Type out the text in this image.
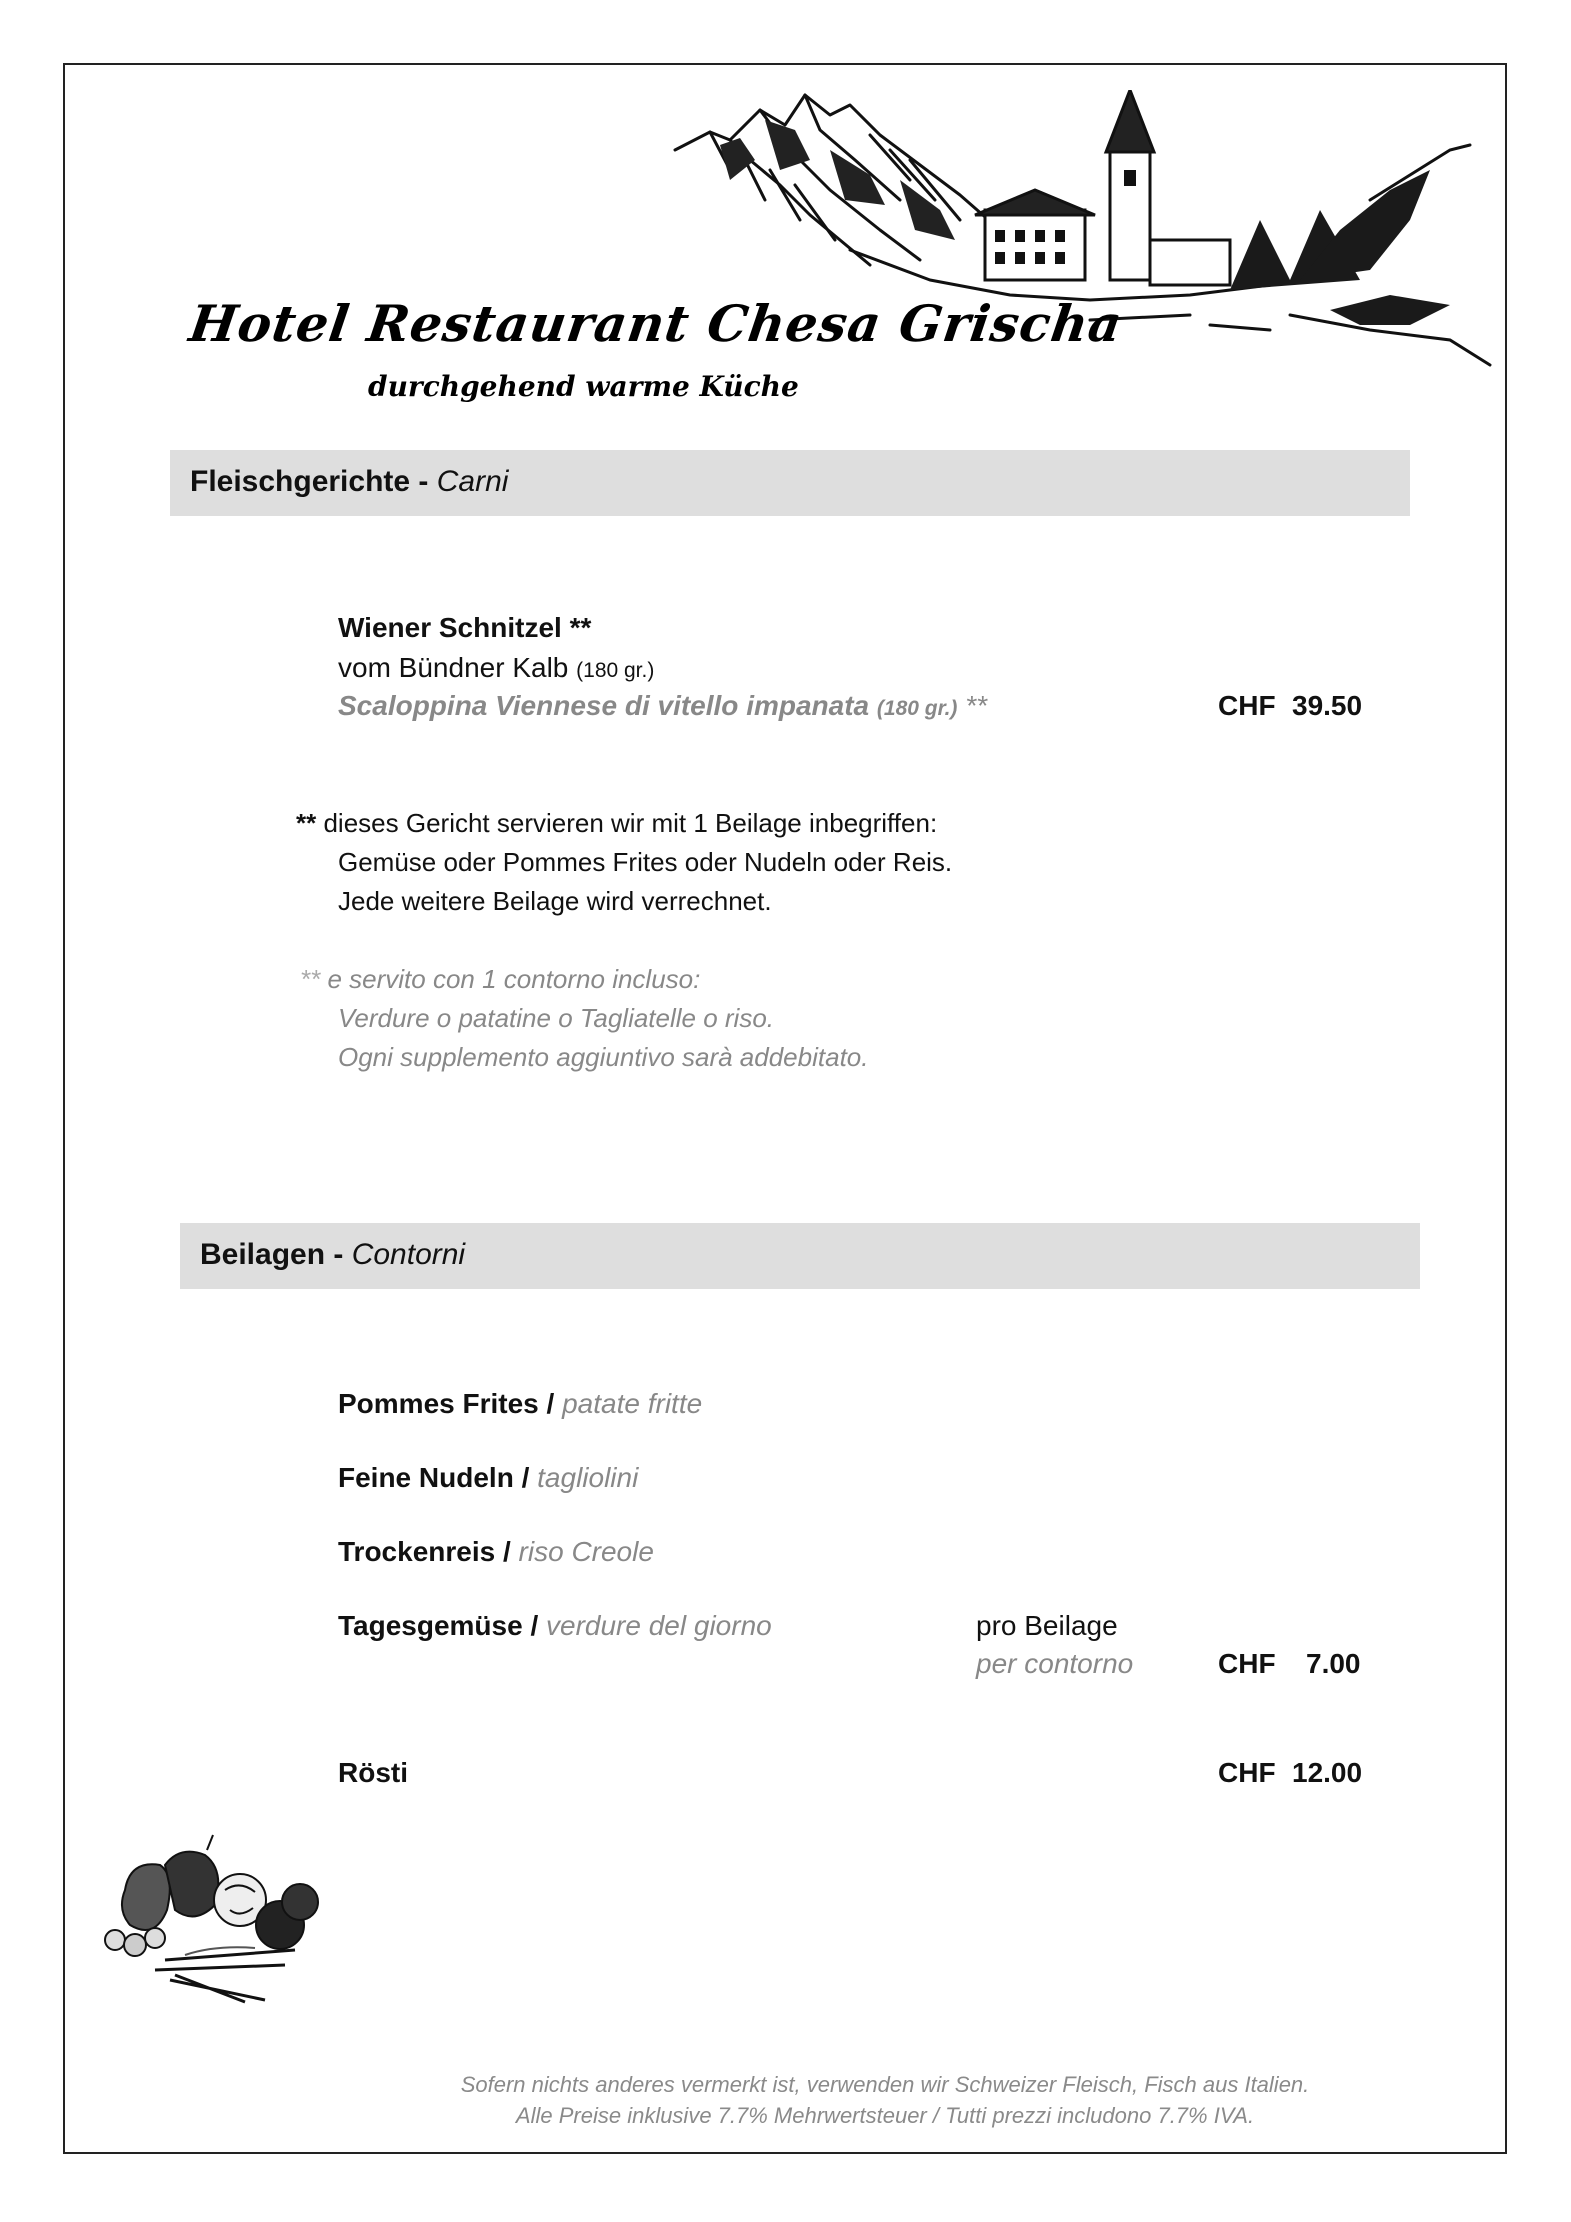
Hotel Restaurant Chesa Grischa
durchgehend warme Küche
Fleischgerichte - Carni
Wiener Schnitzel **
vom Bündner Kalb (180 gr.)
Scaloppina Viennese di vitello impanata (180 gr.) **	CHF 39.50
** dieses Gericht servieren wir mit 1 Beilage inbegriffen:
Gemüse oder Pommes Frites oder Nudeln oder Reis.
Jede weitere Beilage wird verrechnet.
** e servito con 1 contorno incluso:
Verdure o patatine o Tagliatelle o riso.
Ogni supplemento aggiuntivo sarà addebitato.
Beilagen - Contorni
Pommes Frites / patate fritte
Feine Nudeln / tagliolini
Trockenreis / riso Creole
Tagesgemüse / verdure del giorno	pro Beilage
per contorno	CHF 7.00
Rösti	CHF 12.00
Sofern nichts anderes vermerkt ist, verwenden wir Schweizer Fleisch, Fisch aus Italien.
Alle Preise inklusive 7.7% Mehrwertsteuer / Tutti prezzi includono 7.7% IVA.
